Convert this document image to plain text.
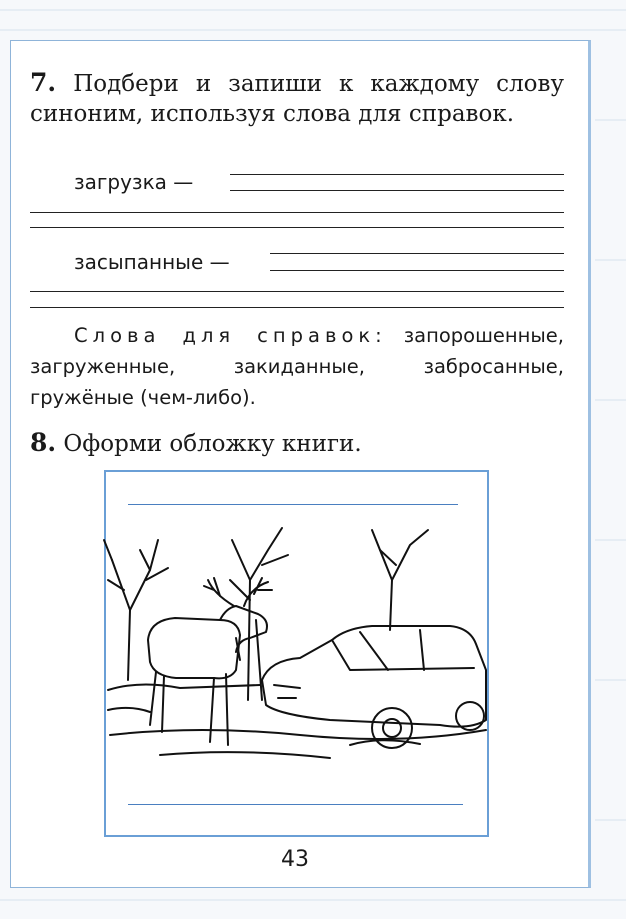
7. Подбери и запиши к каждому слову синоним, используя слова для справок.
загрузка —
засыпанные —
Слова для справок: запорошенные, загруженные, закиданные, забросанные, гружёные (чем-либо).
8. Оформи обложку книги.
43
